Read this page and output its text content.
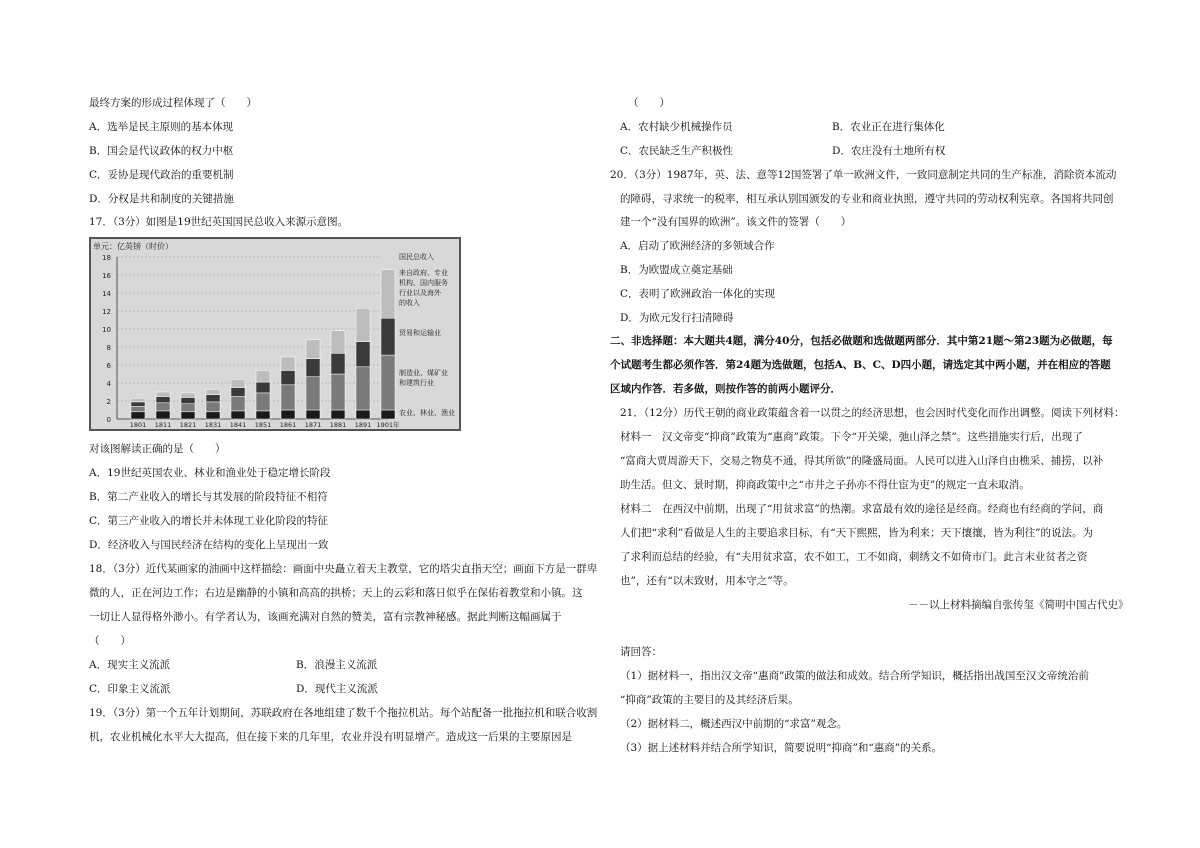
最终方案的形成过程体现了（　　）
A．选举是民主原则的基本体现
B．国会是代议政体的权力中枢
C．妥协是现代政治的重要机制
D．分权是共和制度的关键措施
17．（3分）如图是19世纪英国国民总收入来源示意图。
对该图解读正确的是（　　）
A．19世纪英国农业、林业和渔业处于稳定增长阶段
B．第二产业收入的增长与其发展的阶段特征不相符
C．第三产业收入的增长并未体现工业化阶段的特征
D．经济收入与国民经济在结构的变化上呈现出一致
18．（3分）近代某画家的油画中这样描绘：画面中央矗立着天主教堂，它的塔尖直指天空；画面下方是一群卑
微的人，正在河边工作；右边是幽静的小镇和高高的拱桥；天上的云彩和落日似乎在保佑着教堂和小镇。这
一切让人显得格外渺小。有学者认为，该画充满对自然的赞美，富有宗教神秘感。据此判断这幅画属于
（　　）
A．现实主义流派	B．浪漫主义流派
C．印象主义流派	D．现代主义流派
19．（3分）第一个五年计划期间，苏联政府在各地组建了数千个拖拉机站。每个站配备一批拖拉机和联合收割
机，农业机械化水平大大提高，但在接下来的几年里，农业并没有明显增产。造成这一后果的主要原因是
单元：亿英镑（时价）
0
2
4
6
8
10
12
14
16
18
1801 1811 1821 1831 1841 1851 1861 1871 1881 1891 1901年
国民总收入
来自政府、专业
机构、国内服务
行业以及海外
的收入
贸易和运输业
制造业、煤矿业
和建筑行业
农业、林业、渔业
（　　）
A．农村缺少机械操作员	B．农业正在进行集体化
C．农民缺乏生产积极性	D．农庄没有土地所有权
20．（3分）1987年，英、法、意等12国签署了单一欧洲文件，一致同意制定共同的生产标准，消除资本流动
的障碍，寻求统一的税率，相互承认别国颁发的专业和商业执照，遵守共同的劳动权利宪章。各国将共同创
建一个“没有国界的欧洲”。该文件的签署（　　）
A．启动了欧洲经济的多领域合作
B．为欧盟成立奠定基础
C．表明了欧洲政治一体化的实现
D．为欧元发行扫清障碍
二、非选择题：本大题共4题，满分40分，包括必做题和选做题两部分．其中第21题～第23题为必做题，每
个试题考生都必须作答．第24题为选做题，包括A、B、C、D四小题，请选定其中两小题，并在相应的答题
区域内作答．若多做，则按作答的前两小题评分．
21．（12分）历代王朝的商业政策蕴含着一以贯之的经济思想，也会因时代变化而作出调整。阅读下列材料：
材料一　汉文帝变“抑商”政策为“惠商”政策。下令“开关梁，弛山泽之禁”。这些措施实行后，出现了
“富商大贾周游天下，交易之物莫不通，得其所欲”的隆盛局面。人民可以进入山泽自由樵采、捕捞，以补
助生活。但文、景时期，抑商政策中之“市井之子孙亦不得仕宦为吏”的规定一直未取消。
材料二　在西汉中前期，出现了“用贫求富”的热潮。求富最有效的途径是经商。经商也有经商的学问，商
人们把“求利”看做是人生的主要追求目标，有“天下熙熙，皆为利来；天下攘攘，皆为利往”的说法。为
了求利而总结的经验，有“夫用贫求富，农不如工，工不如商，刺绣文不如倚市门。此言末业贫者之资
也”，还有“以末致财，用本守之”等。
－－以上材料摘编自张传玺《简明中国古代史》
请回答：
（1）据材料一，指出汉文帝“惠商”政策的做法和成效。结合所学知识，概括指出战国至汉文帝统治前
“抑商”政策的主要目的及其经济后果。
（2）据材料二，概述西汉中前期的“求富”观念。
（3）据上述材料并结合所学知识，简要说明“抑商”和“惠商”的关系。
